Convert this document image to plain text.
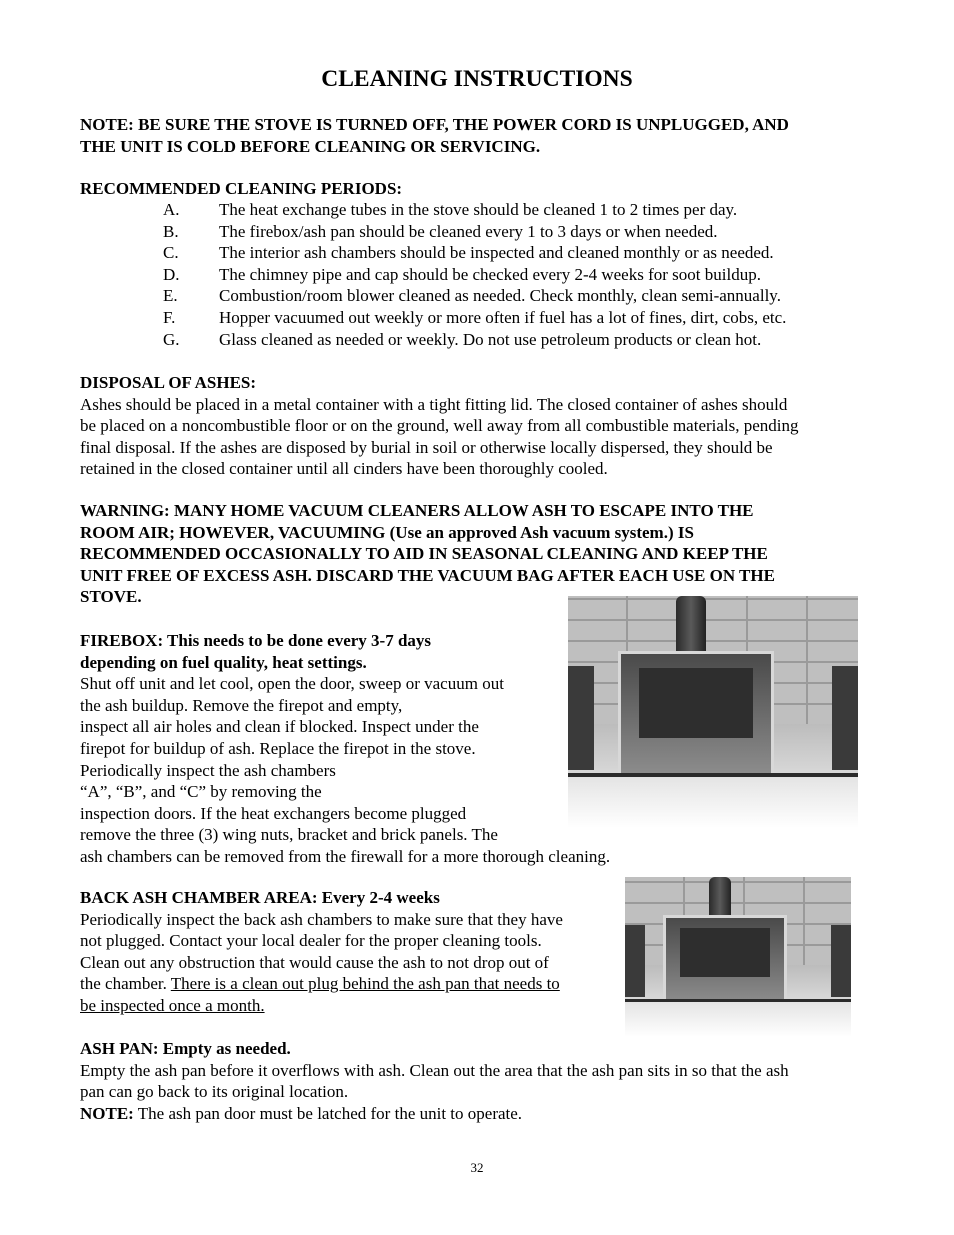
CLEANING INSTRUCTIONS
NOTE: BE SURE THE STOVE IS TURNED OFF, THE POWER CORD IS UNPLUGGED, AND
THE UNIT IS COLD BEFORE CLEANING OR SERVICING.
RECOMMENDED CLEANING PERIODS:
A. The heat exchange tubes in the stove should be cleaned 1 to 2 times per day.
B. The firebox/ash pan should be cleaned every 1 to 3 days or when needed.
C. The interior ash chambers should be inspected and cleaned monthly or as needed.
D. The chimney pipe and cap should be checked every 2-4 weeks for soot buildup.
E. Combustion/room blower cleaned as needed. Check monthly, clean semi-annually.
F.	Hopper vacuumed out weekly or more often if fuel has a lot of fines, dirt, cobs, etc.
G. Glass cleaned as needed or weekly. Do not use petroleum products or clean hot.
DISPOSAL OF ASHES:
Ashes should be placed in a metal container with a tight fitting lid. The closed container of ashes should
be placed on a noncombustible floor or on the ground, well away from all combustible materials, pending
final disposal. If the ashes are disposed by burial in soil or otherwise locally dispersed, they should be
retained in the closed container until all cinders have been thoroughly cooled.
WARNING: MANY HOME VACUUM CLEANERS ALLOW ASH TO ESCAPE INTO THE
ROOM AIR; HOWEVER, VACUUMING (Use an approved Ash vacuum system.) IS
RECOMMENDED OCCASIONALLY TO AID IN SEASONAL CLEANING AND KEEP THE
UNIT FREE OF EXCESS ASH. DISCARD THE VACUUM BAG AFTER EACH USE ON THE
STOVE.
FIREBOX: This needs to be done every 3-7 days
depending on fuel quality, heat settings.
Shut off unit and let cool, open the door, sweep or vacuum out
the ash buildup. Remove the firepot and empty,
inspect all air holes and clean if blocked. Inspect under the
firepot for buildup of ash. Replace the firepot in the stove.
Periodically inspect the ash chambers
“A”, “B”, and “C” by removing the
inspection doors. If the heat exchangers become plugged
remove the three (3) wing nuts, bracket and brick panels. The
ash chambers can be removed from the firewall for a more thorough cleaning.
BACK ASH CHAMBER AREA: Every 2-4 weeks
Periodically inspect the back ash chambers to make sure that they have
not plugged. Contact your local dealer for the proper cleaning tools.
Clean out any obstruction that would cause the ash to not drop out of
the chamber. There is a clean out plug behind the ash pan that needs to
be inspected once a month.
ASH PAN: Empty as needed.
Empty the ash pan before it overflows with ash. Clean out the area that the ash pan sits in so that the ash
pan can go back to its original location.
NOTE: The ash pan door must be latched for the unit to operate.
32
